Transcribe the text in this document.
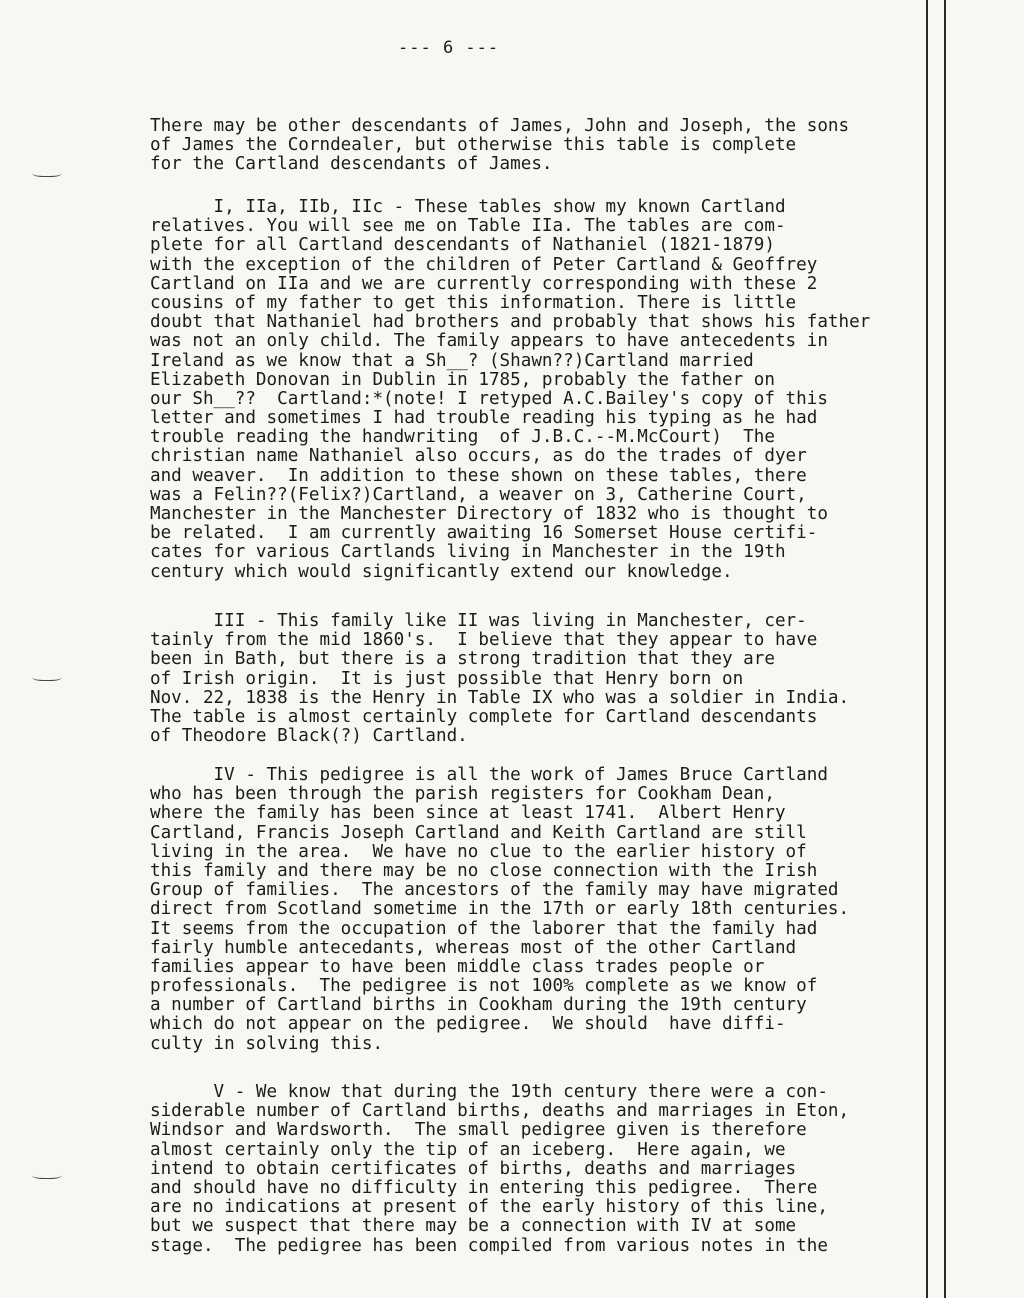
--- 6 ---
There may be other descendants of James, John and Joseph, the sons
of James the Corndealer, but otherwise this table is complete
for the Cartland descendants of James.
I, IIa, IIb, IIc - These tables show my known Cartland
relatives. You will see me on Table IIa. The tables are com-
plete for all Cartland descendants of Nathaniel (1821-1879)
with the exception of the children of Peter Cartland & Geoffrey
Cartland on IIa and we are currently corresponding with these 2
cousins of my father to get this information. There is little
doubt that Nathaniel had brothers and probably that shows his father
was not an only child. The family appears to have antecedents in
Ireland as we know that a Sh__? (Shawn??)Cartland married
Elizabeth Donovan in Dublin in 1785, probably the father on
our Sh__??  Cartland:*(note! I retyped A.C.Bailey's copy of this
letter and sometimes I had trouble reading his typing as he had
trouble reading the handwriting  of J.B.C.--M.McCourt)  The
christian name Nathaniel also occurs, as do the trades of dyer
and weaver.  In addition to these shown on these tables, there
was a Felin??(Felix?)Cartland, a weaver on 3, Catherine Court,
Manchester in the Manchester Directory of 1832 who is thought to
be related.  I am currently awaiting 16 Somerset House certifi-
cates for various Cartlands living in Manchester in the 19th
century which would significantly extend our knowledge.
III - This family like II was living in Manchester, cer-
tainly from the mid 1860's.  I believe that they appear to have
been in Bath, but there is a strong tradition that they are
of Irish origin.  It is just possible that Henry born on
Nov. 22, 1838 is the Henry in Table IX who was a soldier in India.
The table is almost certainly complete for Cartland descendants
of Theodore Black(?) Cartland.
IV - This pedigree is all the work of James Bruce Cartland
who has been through the parish registers for Cookham Dean,
where the family has been since at least 1741.  Albert Henry
Cartland, Francis Joseph Cartland and Keith Cartland are still
living in the area.  We have no clue to the earlier history of
this family and there may be no close connection with the Irish
Group of families.  The ancestors of the family may have migrated
direct from Scotland sometime in the 17th or early 18th centuries.
It seems from the occupation of the laborer that the family had
fairly humble antecedants, whereas most of the other Cartland
families appear to have been middle class trades people or
professionals.  The pedigree is not 100% complete as we know of
a number of Cartland births in Cookham during the 19th century
which do not appear on the pedigree.  We should  have diffi-
culty in solving this.
V - We know that during the 19th century there were a con-
siderable number of Cartland births, deaths and marriages in Eton,
Windsor and Wardsworth.  The small pedigree given is therefore
almost certainly only the tip of an iceberg.  Here again, we
intend to obtain certificates of births, deaths and marriages
and should have no difficulty in entering this pedigree.  There
are no indications at present of the early history of this line,
but we suspect that there may be a connection with IV at some
stage.  The pedigree has been compiled from various notes in the
